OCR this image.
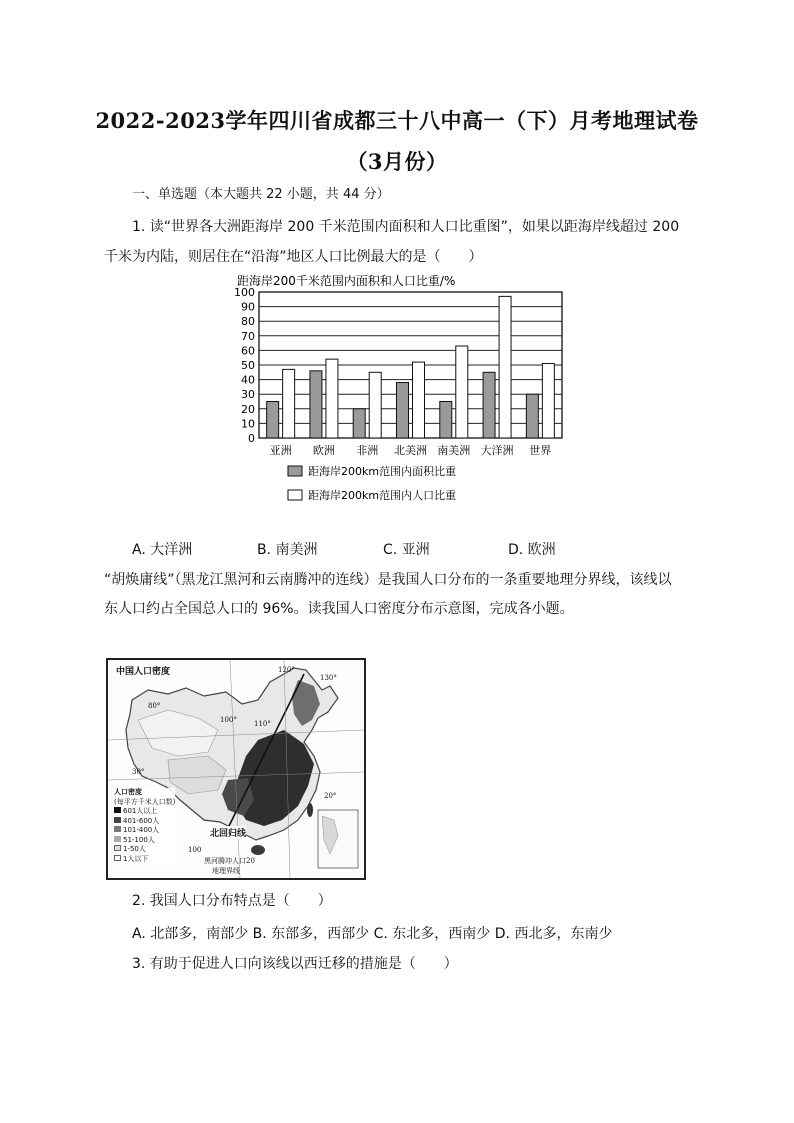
2022-2023学年四川省成都三十八中高一（下）月考地理试卷
（3月份）
一、单选题（本大题共 22 小题，共 44 分）
1. 读“世界各大洲距海岸 200 千米范围内面积和人口比重图”，如果以距海岸线超过 200
千米为内陆，则居住在“沿海”地区人口比例最大的是（　　）
距海岸200千米范围内面积和人口比重/%
0
10
20
30
40
50
60
70
80
90
100
亚洲 欧洲 非洲 北美洲 南美洲 大洋洲 世界
距海岸200km范围内面积比重
距海岸200km范围内人口比重
A. 大洋洲	B. 南美洲	C. 亚洲	D. 欧洲
“胡焕庸线”（黑龙江黑河和云南腾冲的连线）是我国人口分布的一条重要地理分界线，该线以
东人口约占全国总人口的 96%。读我国人口密度分布示意图，完成各小题。
中国人口密度	120°
130°
100° 110°
80°
30°
20°
人口密度
(每平方千米人口数)
601人以上
401-600人
101-400人
51-100人
1-50人
1人以下
北回归线
黑河腾冲人口20
地理界线
100
2. 我国人口分布特点是（　　）
A. 北部多，南部少 B. 东部多，西部少 C. 东北多，西南少 D. 西北多，东南少
3. 有助于促进人口向该线以西迁移的措施是（　　）
